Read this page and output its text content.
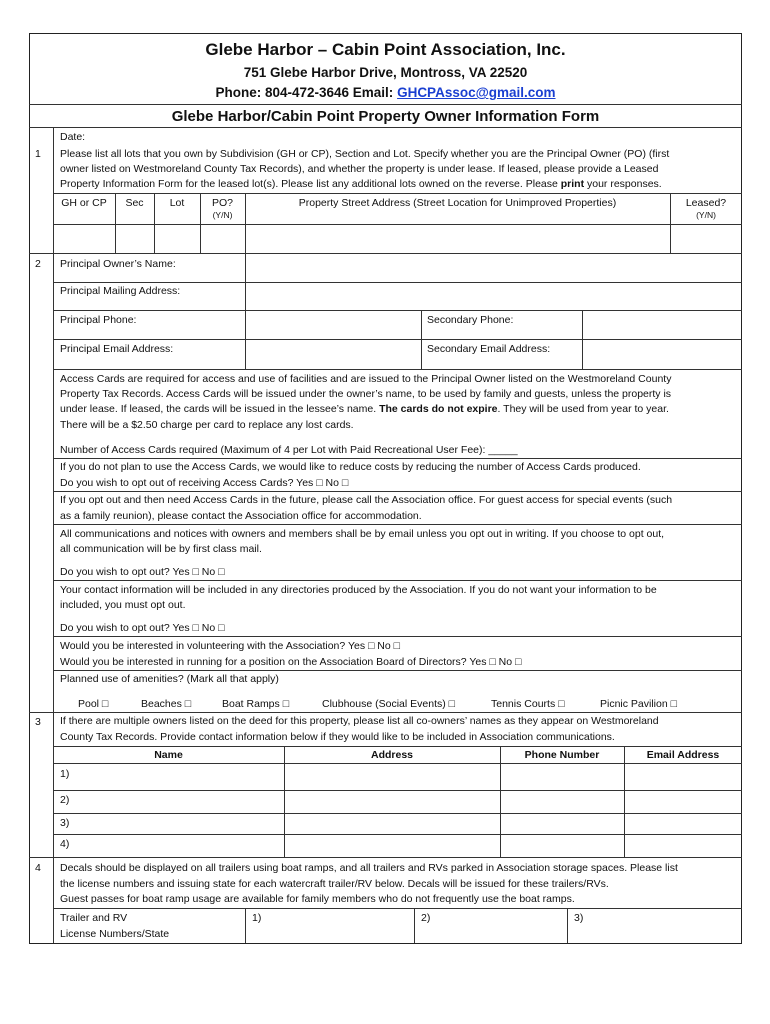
Glebe Harbor – Cabin Point Association, Inc.
751 Glebe Harbor Drive, Montross, VA 22520
Phone: 804-472-3646 Email: GHCPAssoc@gmail.com
Glebe Harbor/Cabin Point Property Owner Information Form
1
Date:
Please list all lots that you own by Subdivision (GH or CP), Section and Lot. Specify whether you are the Principal Owner (PO) (first
owner listed on Westmoreland County Tax Records), and whether the property is under lease. If leased, please provide a Leased
Property Information Form for the leased lot(s). Please list any additional lots owned on the reverse. Please print your responses.
GH or CP	Sec	Lot	PO?
(Y/N)
Property Street Address (Street Location for Unimproved Properties)	Leased?
(Y/N)
2 Principal Owner’s Name:
Principal Mailing Address:
Principal Phone:	Secondary Phone:
Principal Email Address:	Secondary Email Address:
Access Cards are required for access and use of facilities and are issued to the Principal Owner listed on the Westmoreland County
Property Tax Records. Access Cards will be issued under the owner’s name, to be used by family and guests, unless the property is
under lease. If leased, the cards will be issued in the lessee’s name. The cards do not expire. They will be used from year to year.
There will be a $2.50 charge per card to replace any lost cards.
Number of Access Cards required (Maximum of 4 per Lot with Paid Recreational User Fee): _____
If you do not plan to use the Access Cards, we would like to reduce costs by reducing the number of Access Cards produced.
Do you wish to opt out of receiving Access Cards? Yes □ No □
If you opt out and then need Access Cards in the future, please call the Association office. For guest access for special events (such
as a family reunion), please contact the Association office for accommodation.
All communications and notices with owners and members shall be by email unless you opt out in writing. If you choose to opt out,
all communication will be by first class mail.
Do you wish to opt out? Yes □ No □
Your contact information will be included in any directories produced by the Association. If you do not want your information to be
included, you must opt out.
Do you wish to opt out? Yes □ No □
Would you be interested in volunteering with the Association? Yes □ No □
Would you be interested in running for a position on the Association Board of Directors? Yes □ No □
Planned use of amenities? (Mark all that apply)
Pool □	Beaches □	Boat Ramps □	Clubhouse (Social Events) □	Tennis Courts □	Picnic Pavilion □
3 If there are multiple owners listed on the deed for this property, please list all co-owners’ names as they appear on Westmoreland
County Tax Records. Provide contact information below if they would like to be included in Association communications.
Name	Address	Phone Number	Email Address
1)
2)
3)
4)
4 Decals should be displayed on all trailers using boat ramps, and all trailers and RVs parked in Association storage spaces. Please list
the license numbers and issuing state for each watercraft trailer/RV below. Decals will be issued for these trailers/RVs.
Guest passes for boat ramp usage are available for family members who do not frequently use the boat ramps.
Trailer and RV
License Numbers/State
1)	2)	3)
